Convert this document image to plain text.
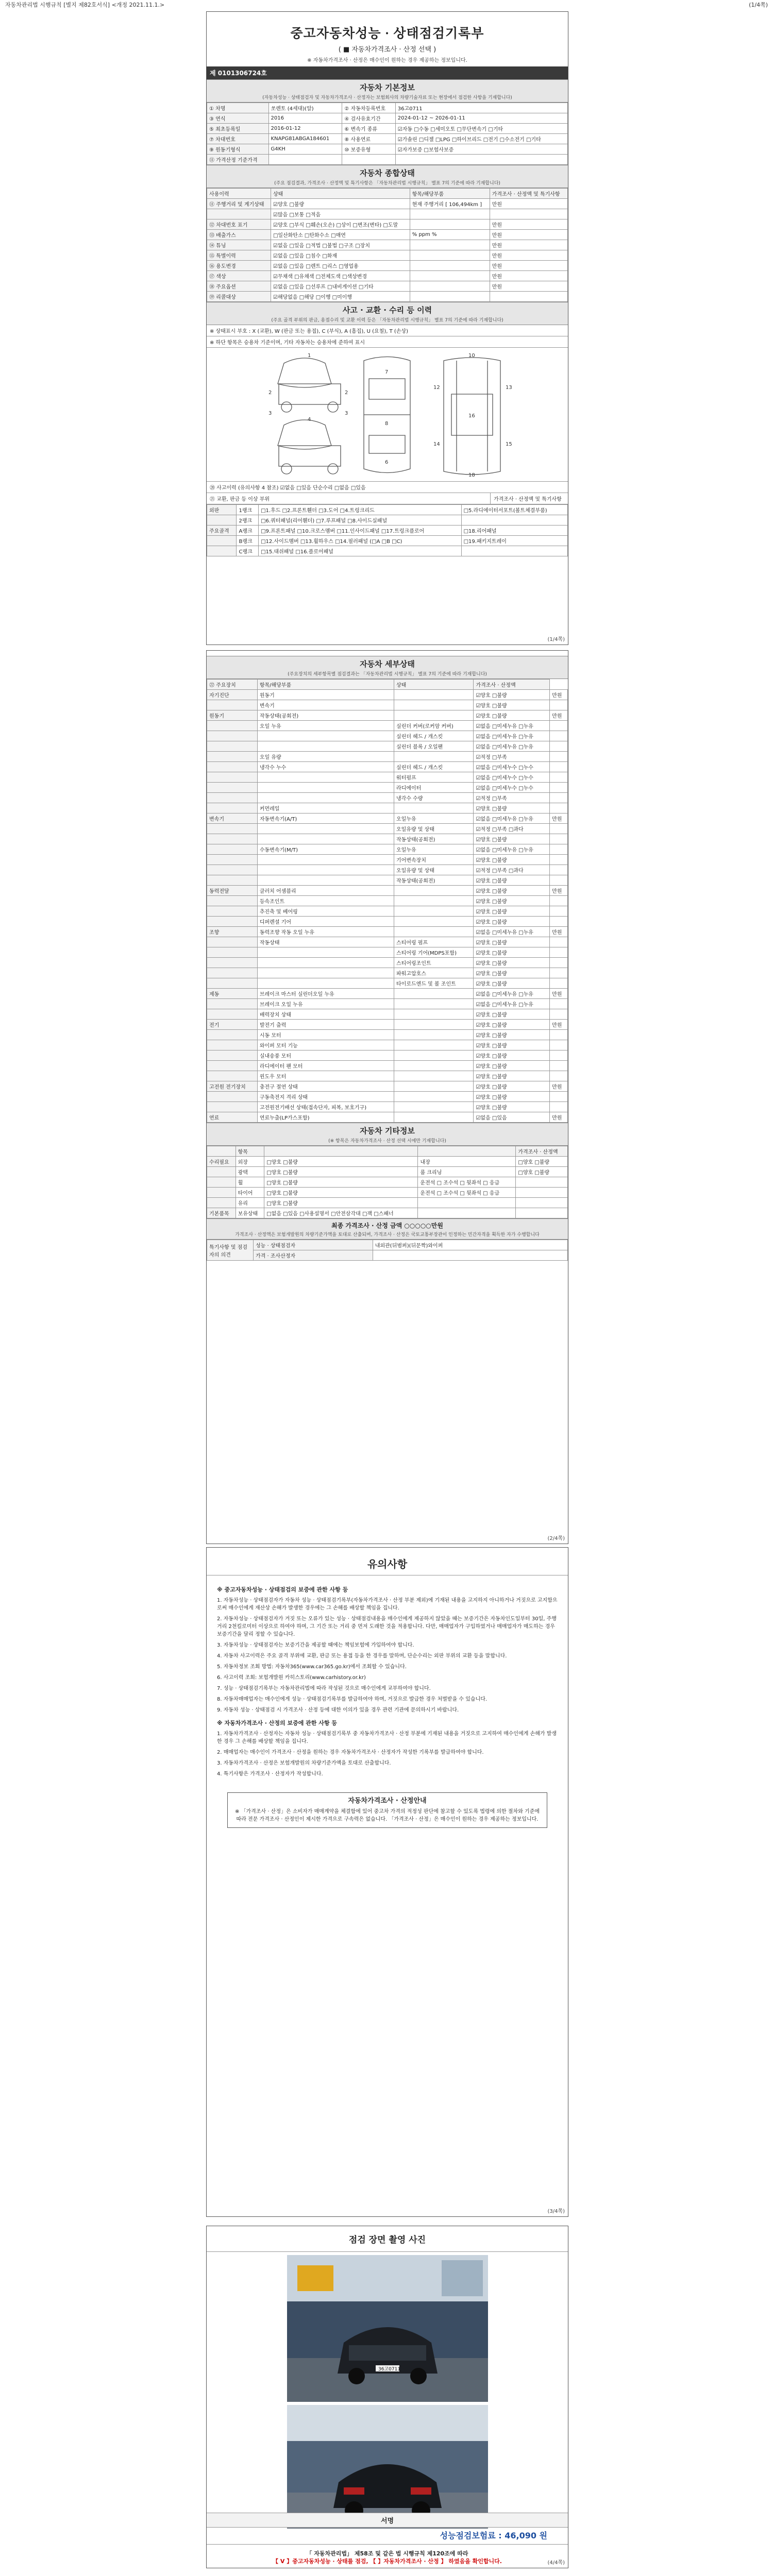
자동차관리법 시행규칙 [별지 제82호서식] <개정 2021.11.1.>	(1/4쪽)
중고자동차성능 · 상태점검기록부
( ■ 자동차가격조사 · 산정 선택 )
※ 자동차가격조사 · 산정은 매수인이 원하는 경우 제공하는 정보입니다.
제 0101306724호
자동차 기본정보
(자동차성능 · 상태점검자 및 자동차가격조사 · 산정자는 보험회사의 차량기술자료 또는 현장에서 점검한 사항을 기재합니다)
① 차명	쏘렌토 (4세대)(알)	② 자동차등록번호	36고0711
③ 연식	2016	④ 검사유효기간	2024-01-12 ~ 2026-01-11
⑤ 최초등록일	2016-01-12	⑥ 변속기 종류	☑자동 □수동 □세미오토 □무단변속기 □기타
⑦ 차대번호	KNAPG81ABGA184601	⑧ 사용연료	☑가솔린 □디젤 □LPG □하이브리드 □전기 □수소전기 □기타
⑨ 원동기형식	G4KH	⑩ 보증유형	☑자가보증 □보험사보증
⑪ 가격산정 기준가격			
자동차 종합상태
(주요 점검결과, 가격조사 · 산정액 및 특기사항은 「자동차관리법 시행규칙」 별표 7의 기준에 따라 기재합니다)
사용이력	상태	항목/해당부품	가격조사 · 산정액 및 특기사항
⑪ 주행거리 및 계기상태	☑양호 □불량	현재 주행거리 [ 106,494km ]	만원
	☑많음 □보통 □적음		
⑫ 차대번호 표기	☑양호 □부식 □훼손(오손) □상이 □변조(변타) □도말		만원
⑬ 배출가스	□일산화탄소 □탄화수소 □매연	% ppm %	만원
⑭ 튜닝	☑없음 □있음 □적법 □불법 □구조 □장치		만원
⑮ 특별이력	☑없음 □있음 □침수 □화재		만원
⑯ 용도변경	☑없음 □있음 □렌트 □리스 □영업용		만원
⑰ 색상	☑무채색 □유채색 □전체도색 □색상변경		만원
⑱ 주요옵션	☑없음 □있음 □선루프 □내비게이션 □기타		만원
⑲ 리콜대상	☑해당없음 □해당 □이행 □미이행		
사고 · 교환 · 수리 등 이력
(주요 골격 부위의 판금, 용접수리 및 교환 이력 등은 「자동차관리법 시행규칙」 별표 7의 기준에 따라 기재합니다)
※ 상태표시 부호 : X (교환), W (판금 또는 용접), C (부식), A (흠집), U (요철), T (손상)
※ 하단 항목은 승용차 기준이며, 기타 자동차는 승용차에 준하여 표시
1
2	2
3	3
4
7
8
6
10
16
12	13
14	15
18
⑳ 사고이력 (유의사항 4 참조) ☑없음 □있음 단순수리 □없음 □있음
㉑ 교환, 판금 등 이상 부위	가격조사 · 산정액 및 특기사항
외판	1랭크	□1.후드 □2.프론트휀더 □3.도어 □4.트렁크리드	□5.라디에이터서포트(볼트체결부품)
	2랭크	□6.쿼터패널(리어휀더) □7.루프패널 □8.사이드실패널	
주요골격	A랭크	□9.프론트패널 □10.크로스멤버 □11.인사이드패널 □17.트렁크플로어	□18.리어패널
	B랭크	□12.사이드멤버 □13.휠하우스 □14.필러패널 (□A □B □C)	□19.패키지트레이
	C랭크	□15.대쉬패널 □16.플로어패널	
(1/4쪽)
자동차 세부상태
(주요장치의 세부항목별 점검결과는 「자동차관리법 시행규칙」 별표 7의 기준에 따라 기재합니다)
㉒ 주요장치	항목/해당부품	상태	가격조사 · 산정액	
자기진단	원동기		☑양호 □불량	만원
	변속기		☑양호 □불량	
원동기	작동상태(공회전)		☑양호 □불량	만원
	오일 누유	실린더 커버(로커암 커버)	☑없음 □미세누유 □누유	
		실린더 헤드 / 개스킷	☑없음 □미세누유 □누유	
		실린더 블록 / 오일팬	☑없음 □미세누유 □누유	
	오일 유량		☑적정 □부족	
	냉각수 누수	실린더 헤드 / 개스킷	☑없음 □미세누수 □누수	
		워터펌프	☑없음 □미세누수 □누수	
		라디에이터	☑없음 □미세누수 □누수	
		냉각수 수량	☑적정 □부족	
	커먼레일		☑양호 □불량	
변속기	자동변속기(A/T)	오일누유	☑없음 □미세누유 □누유	만원
		오일유량 및 상태	☑적정 □부족 □과다	
		작동상태(공회전)	☑양호 □불량	
	수동변속기(M/T)	오일누유	☑없음 □미세누유 □누유	
		기어변속장치	☑양호 □불량	
		오일유량 및 상태	☑적정 □부족 □과다	
		작동상태(공회전)	☑양호 □불량	
동력전달	클러치 어셈블리		☑양호 □불량	만원
	등속조인트		☑양호 □불량	
	추진축 및 베어링		☑양호 □불량	
	디퍼렌셜 기어		☑양호 □불량	
조향	동력조향 작동 오일 누유		☑없음 □미세누유 □누유	만원
	작동상태	스티어링 펌프	☑양호 □불량	
		스티어링 기어(MDPS포함)	☑양호 □불량	
		스티어링조인트	☑양호 □불량	
		파워고압호스	☑양호 □불량	
		타이로드엔드 및 볼 조인트	☑양호 □불량	
제동	브레이크 마스터 실린더오일 누유		☑없음 □미세누유 □누유	만원
	브레이크 오일 누유		☑없음 □미세누유 □누유	
	배력장치 상태		☑양호 □불량	
전기	발전기 출력		☑양호 □불량	만원
	시동 모터		☑양호 □불량	
	와이퍼 모터 기능		☑양호 □불량	
	실내송풍 모터		☑양호 □불량	
	라디에이터 팬 모터		☑양호 □불량	
	윈도우 모터		☑양호 □불량	
고전원 전기장치	충전구 절연 상태		☑양호 □불량	만원
	구동축전지 격리 상태		☑양호 □불량	
	고전원전기배선 상태(접속단자, 피복, 보호기구)		☑양호 □불량	
연료	연료누출(LP가스포함)		☑없음 □있음	만원
자동차 기타정보
(※ 항목은 자동차가격조사 · 산정 선택 시에만 기재합니다)
	항목			가격조사 · 산정액
수리필요	외장	□양호 □불량	내장	□양호 □불량
	광택	□양호 □불량	룸 크리닝	□양호 □불량
	휠	□양호 □불량	운전석 □ 조수석 □ 뒷좌석 □ 응급	
	타이어	□양호 □불량	운전석 □ 조수석 □ 뒷좌석 □ 응급	
	유리	□양호 □불량		
기본품목	보유상태	□없음 □있음 □사용설명서 □안전삼각대 □잭 □스패너		
최종 가격조사 · 산정 금액 ○○○○○만원
가격조사 · 산정액은 보험개발원의 차량기준가액을 토대로 산출되며, 가격조사 · 산정은 국토교통부장관이 인정하는 민간자격을 획득한 자가 수행합니다
특기사항 및 점검자의 의견	성능 · 상태점검자	내외관(뒤범퍼)(뒤문짝)와이퍼
	가격 · 조사산정자	
(2/4쪽)
유의사항
※ 중고자동차성능 · 상태점검의 보증에 관한 사항 등

1. 자동차성능 · 상태점검자가 자동차 성능 · 상태점검기록부(자동차가격조사 · 산정 부분 제외)에 기재된 내용을 고지하지 아니하거나 거짓으로 고지함으로써 매수인에게 재산상 손해가 발생한 경우에는 그 손해를 배상할 책임을 집니다.

2. 자동차성능 · 상태점검자가 거짓 또는 오류가 있는 성능 · 상태점검내용을 매수인에게 제공하지 않았을 때는 보증기간은 자동차인도일부터 30일, 주행거리 2천킬로미터 이상으로 하여야 하며, 그 기간 또는 거리 중 먼저 도래한 것을 적용합니다. 다만, 매매업자가 구입하였거나 매매업자가 매도하는 경우 보증기간을 달리 정할 수 있습니다.

3. 자동차성능 · 상태점검자는 보증기간을 제공할 때에는 책임보험에 가입하여야 합니다.

4. 자동차 사고이력은 주요 골격 부위에 교환, 판금 또는 용접 등을 한 경우를 말하며, 단순수리는 외판 부위의 교환 등을 말합니다.

5. 자동차정보 조회 방법: 자동차365(www.car365.go.kr)에서 조회할 수 있습니다.

6. 사고이력 조회: 보험개발원 카히스토리(www.carhistory.or.kr)

7. 성능 · 상태점검기록부는 자동차관리법에 따라 작성된 것으로 매수인에게 교부하여야 합니다.

8. 자동차매매업자는 매수인에게 성능 · 상태점검기록부를 발급하여야 하며, 거짓으로 발급한 경우 처벌받을 수 있습니다.

9. 자동차 성능 · 상태점검 시 가격조사 · 산정 등에 대한 이의가 있을 경우 관련 기관에 문의하시기 바랍니다.

※ 자동차가격조사 · 산정의 보증에 관한 사항 등

1. 자동차가격조사 · 산정자는 자동차 성능 · 상태점검기록부 중 자동차가격조사 · 산정 부분에 기재된 내용을 거짓으로 고지하여 매수인에게 손해가 발생한 경우 그 손해를 배상할 책임을 집니다.

2. 매매업자는 매수인이 가격조사 · 산정을 원하는 경우 자동차가격조사 · 산정자가 작성한 기록부를 발급하여야 합니다.

3. 자동차가격조사 · 산정은 보험개발원의 차량기준가액을 토대로 산출합니다.

4. 특기사항은 가격조사 · 산정자가 작성합니다.

자동차가격조사 · 산정안내
※ 「가격조사 · 산정」은 소비자가 매매계약을 체결함에 있어 중고차 가격의 적정성 판단에 참고할 수 있도록 법령에 의한 절차와 기준에 따라 전문 가격조사 · 산정인이 제시한 가격으로 구속력은 없습니다. 「가격조사 · 산정」은 매수인이 원하는 경우 제공하는 정보입니다.
(3/4쪽)
점검 장면 촬영 사진
36고0711
서명
성능점검보험료 : 46,090 원
「 자동차관리법」 제58조 및 같은 법 시행규칙 제120조에 따라
【 V 】중고자동차성능 · 상태를 점검, 【 】자동차가격조사 · 산정 】 하였음을 확인합니다.	(4/4쪽)
